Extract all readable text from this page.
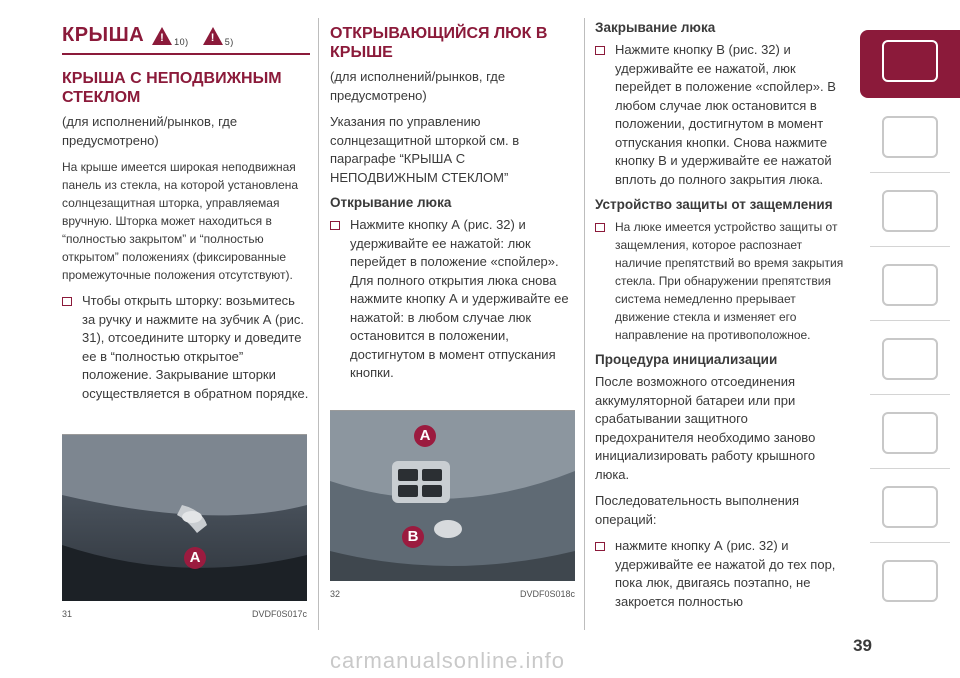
КРЫША ! 10) ! 5)
КРЫША С НЕПОДВИЖНЫМ СТЕКЛОМ

(для исполнений/рынков, где предусмотрено)

На крыше имеется широкая неподвижная панель из стекла, на которой установлена солнцезащитная шторка, управляемая вручную. Шторка может находиться в “полностью закрытом” и “полностью открытом” положениях (фиксированные промежуточные положения отсутствуют).

Чтобы открыть шторку: возьмитесь за ручку и нажмите на зубчик А (рис. 31), отсоедините шторку и доведите ее в “полностью открытое” положение. Закрывание шторки осуществляется в обратном порядке.

A
31	DVDF0S017c
ОТКРЫВАЮЩИЙСЯ ЛЮК В КРЫШЕ

(для исполнений/рынков, где предусмотрено)

Указания по управлению солнцезащитной шторкой см. в параграфе “КРЫША С НЕПОДВИЖНЫМ СТЕКЛОМ”

Открывание люка

Нажмите кнопку А (рис. 32) и удерживайте ее нажатой: люк перейдет в положение «спойлер». Для полного открытия люка снова нажмите кнопку А и удерживайте ее нажатой: в любом случае люк остановится в положении, достигнутом в момент отпускания кнопки.

A
B
32	DVDF0S018c
Закрывание люка

Нажмите кнопку В (рис. 32) и удерживайте ее нажатой, люк перейдет в положение «спойлер». В любом случае люк остановится в положении, достигнутом в момент отпускания кнопки. Снова нажмите кнопку В и удерживайте ее нажатой вплоть до полного закрытия люка.

Устройство защиты от защемления

На люке имеется устройство защиты от защемления, которое распознает наличие препятствий во время закрытия стекла. При обнаружении препятствия система немедленно прерывает движение стекла и изменяет его направление на противоположное.

Процедура инициализации

После возможного отсоединения аккумуляторной батареи или при срабатывании защитного предохранителя необходимо заново инициализировать работу крышного люка.

Последовательность выполнения операций:

нажмите кнопку А (рис. 32) и удерживайте ее нажатой до тех пор, пока люк, двигаясь поэтапно, не закроется полностью

39
carmanualsonline.info
